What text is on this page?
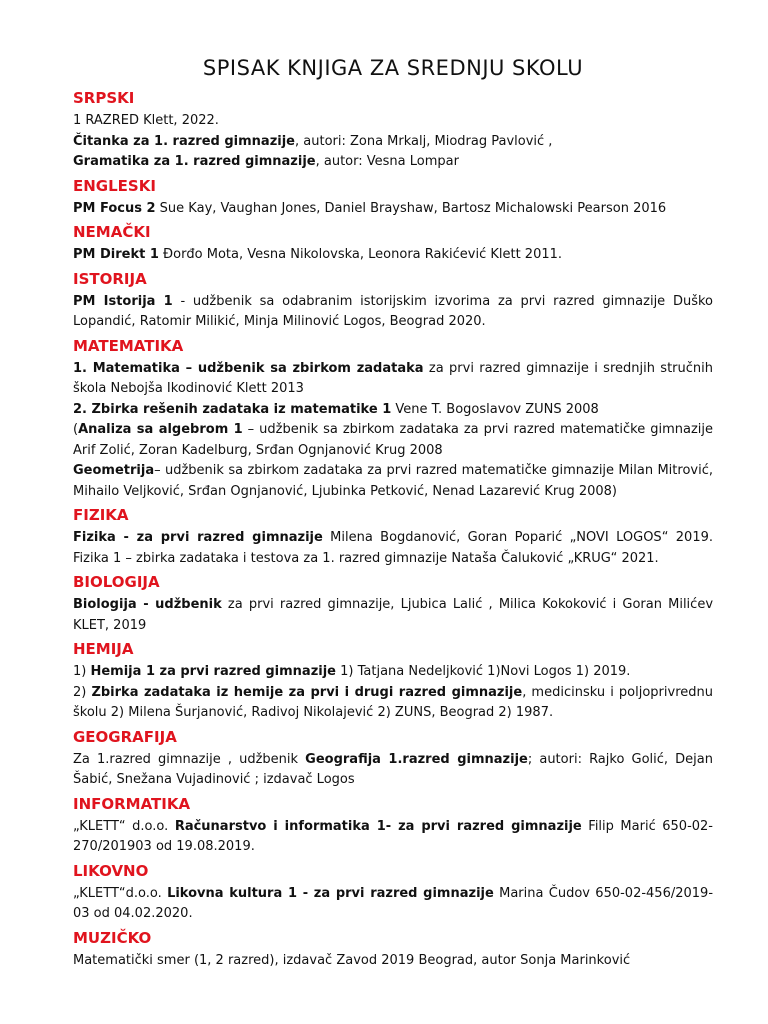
SPISAK KNJIGA ZA SREDNJU SKOLU
SRPSKI

1 RAZRED Klett, 2022.

Čitanka za 1. razred gimnazije, autori: Zona Mrkalj, Miodrag Pavlović ,

Gramatika za 1. razred gimnazije, autor: Vesna Lompar

ENGLESKI

PM Focus 2 Sue Kay, Vaughan Jones, Daniel Brayshaw, Bartosz Michalowski Pearson 2016

NEMAČKI

PM Direkt 1 Đorđo Mota, Vesna Nikolovska, Leonora Rakićević Klett 2011.

ISTORIJA

PM Istorija 1 - udžbenik sa odabranim istorijskim izvorima za prvi razred gimnazije Duško Lopandić, Ratomir Milikić, Minja Milinović Logos, Beograd 2020.

MATEMATIKA

1. Matematika – udžbenik sa zbirkom zadataka za prvi razred gimnazije i srednjih stručnih škola Nebojša Ikodinović Klett 2013

2. Zbirka rešenih zadataka iz matematike 1 Vene T. Bogoslavov ZUNS 2008

(Analiza sa algebrom 1 – udžbenik sa zbirkom zadataka za prvi razred matematičke gimnazije Arif Zolić, Zoran Kadelburg, Srđan Ognjanović Krug 2008

Geometrija– udžbenik sa zbirkom zadataka za prvi razred matematičke gimnazije Milan Mitrović, Mihailo Veljković, Srđan Ognjanović, Ljubinka Petković, Nenad Lazarević Krug 2008)

FIZIKA

Fizika - za prvi razred gimnazije Milena Bogdanović, Goran Poparić „NOVI LOGOS“ 2019. Fizika 1 – zbirka zadataka i testova za 1. razred gimnazije Nataša Čaluković „KRUG“ 2021.

BIOLOGIJA

Biologija - udžbenik za prvi razred gimnazije, Ljubica Lalić , Milica Kokoković i Goran Milićev KLET, 2019

HEMIJA

1) Hemija 1 za prvi razred gimnazije 1) Tatjana Nedeljković 1)Novi Logos 1) 2019.

2) Zbirka zadataka iz hemije za prvi i drugi razred gimnazije, medicinsku i poljoprivrednu školu 2) Milena Šurjanović, Radivoj Nikolajević 2) ZUNS, Beograd 2) 1987.

GEOGRAFIJA

Za 1.razred gimnazije , udžbenik Geografija 1.razred gimnazije; autori: Rajko Golić, Dejan Šabić, Snežana Vujadinović ; izdavač Logos

INFORMATIKA

„KLETT“ d.o.o. Računarstvo i informatika 1- za prvi razred gimnazije Filip Marić 650-02-270/201903 od 19.08.2019.

LIKOVNO

„KLETT“d.o.o. Likovna kultura 1 - za prvi razred gimnazije Marina Čudov 650-02-456/2019-03 od 04.02.2020.

MUZIČKO

Matematički smer (1, 2 razred), izdavač Zavod 2019 Beograd, autor Sonja Marinković
